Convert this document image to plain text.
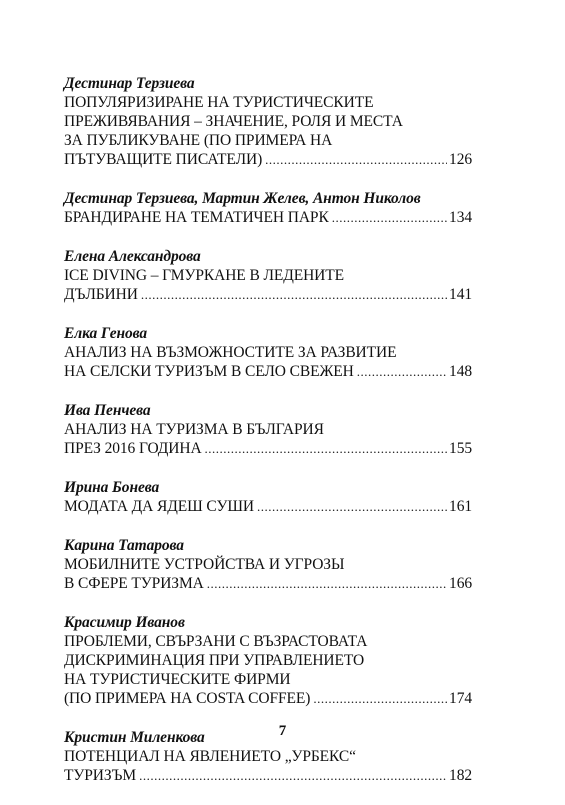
Дестинар Терзиева
ПОПУЛЯРИЗИРАНЕ НА ТУРИСТИЧЕСКИТЕ
ПРЕЖИВЯВАНИЯ – ЗНАЧЕНИЕ, РОЛЯ И МЕСТА
ЗА ПУБЛИКУВАНЕ (ПО ПРИМЕРА НА
ПЪТУВАЩИТЕ ПИСАТЕЛИ) .....	126
Дестинар Терзиева, Мартин Желев, Антон Николов
БРАНДИРАНЕ НА ТЕМАТИЧЕН ПАРК .....	134
Елена Александрова
ICE DIVING – ГМУРКАНЕ В ЛЕДЕНИТЕ
ДЪЛБИНИ .....	141
Елка Генова
АНАЛИЗ НА ВЪЗМОЖНОСТИТЕ ЗА РАЗВИТИЕ
НА СЕЛСКИ ТУРИЗЪМ В СЕЛО СВЕЖЕН .....	148
Ива Пенчева
АНАЛИЗ НА ТУРИЗМА В БЪЛГАРИЯ
ПРЕЗ 2016 ГОДИНА .....	155
Ирина Бонева
МОДАТА ДА ЯДЕШ СУШИ .....	161
Карина Татарова
МОБИЛНИТЕ УСТРОЙСТВА И УГРОЗЫ
В СФЕРЕ ТУРИЗМА .....	166
Красимир Иванов
ПРОБЛЕМИ, СВЪРЗАНИ С ВЪЗРАСТОВАТА
ДИСКРИМИНАЦИЯ ПРИ УПРАВЛЕНИЕТО
НА ТУРИСТИЧЕСКИТЕ ФИРМИ
(ПО ПРИМЕРА НА COSTA COFFEE) .....	174
Кристин Миленкова
ПОТЕНЦИАЛ НА ЯВЛЕНИЕТО „УРБЕКС“
ТУРИЗЪМ .....	182
7
